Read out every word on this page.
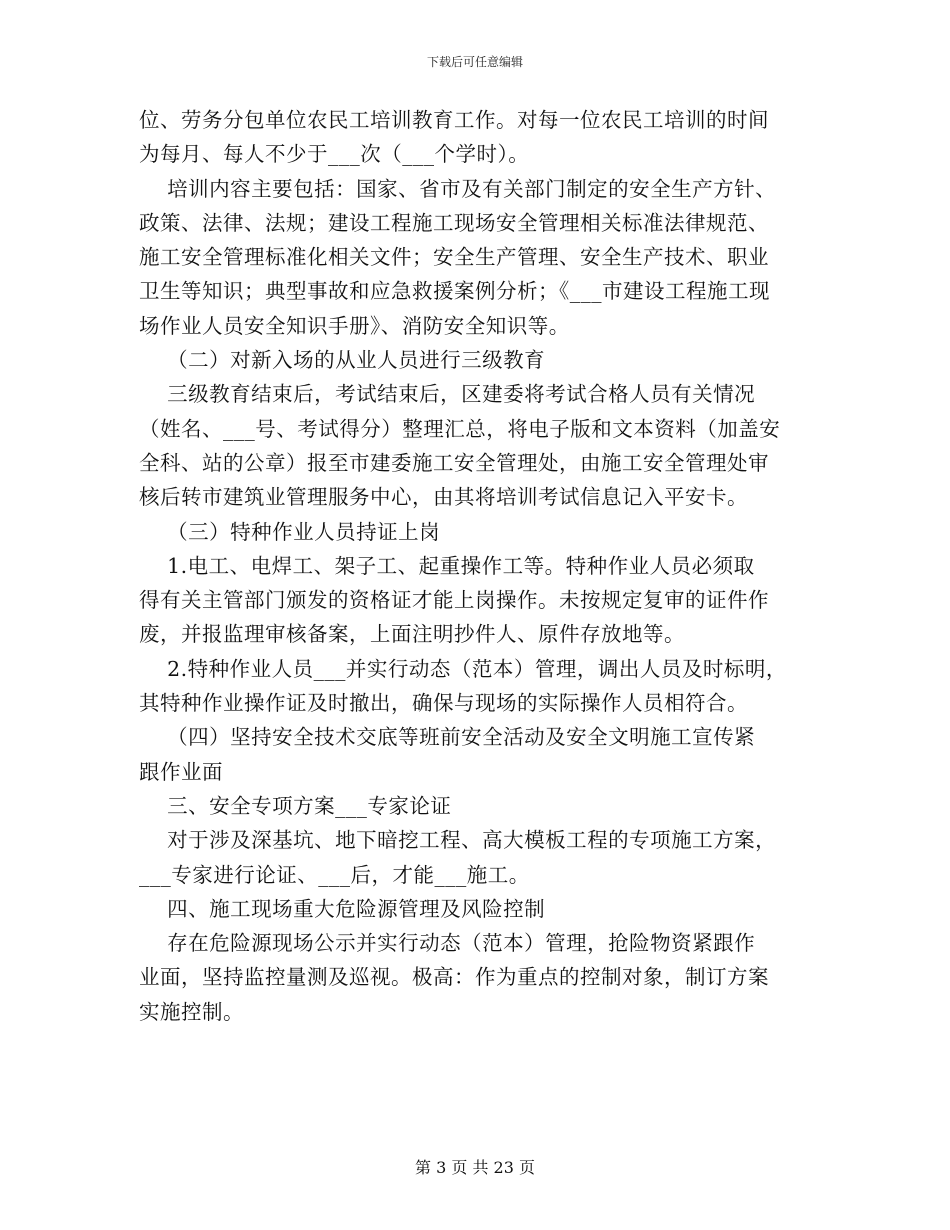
下载后可任意编辑
位、劳务分包单位农民工培训教育工作。对每一位农民工培训的时间
为每月、每人不少于___次（___个学时）。
培训内容主要包括：国家、省市及有关部门制定的安全生产方针、
政策、法律、法规；建设工程施工现场安全管理相关标准法律规范、
施工安全管理标准化相关文件；安全生产管理、安全生产技术、职业
卫生等知识；典型事故和应急救援案例分析；《___市建设工程施工现
场作业人员安全知识手册》、消防安全知识等。
（二）对新入场的从业人员进行三级教育
三级教育结束后，考试结束后，区建委将考试合格人员有关情况
（姓名、___号、考试得分）整理汇总，将电子版和文本资料（加盖安
全科、站的公章）报至市建委施工安全管理处，由施工安全管理处审
核后转市建筑业管理服务中心，由其将培训考试信息记入平安卡。
（三）特种作业人员持证上岗
1.电工、电焊工、架子工、起重操作工等。特种作业人员必须取
得有关主管部门颁发的资格证才能上岗操作。未按规定复审的证件作
废，并报监理审核备案，上面注明抄件人、原件存放地等。
2.特种作业人员___并实行动态（范本）管理，调出人员及时标明，
其特种作业操作证及时撤出，确保与现场的实际操作人员相符合。
（四）坚持安全技术交底等班前安全活动及安全文明施工宣传紧
跟作业面
三、安全专项方案___专家论证
对于涉及深基坑、地下暗挖工程、高大模板工程的专项施工方案，
___专家进行论证、___后，才能___施工。
四、施工现场重大危险源管理及风险控制
存在危险源现场公示并实行动态（范本）管理，抢险物资紧跟作
业面，坚持监控量测及巡视。极高：作为重点的控制对象，制订方案
实施控制。
第 3 页 共 23 页
